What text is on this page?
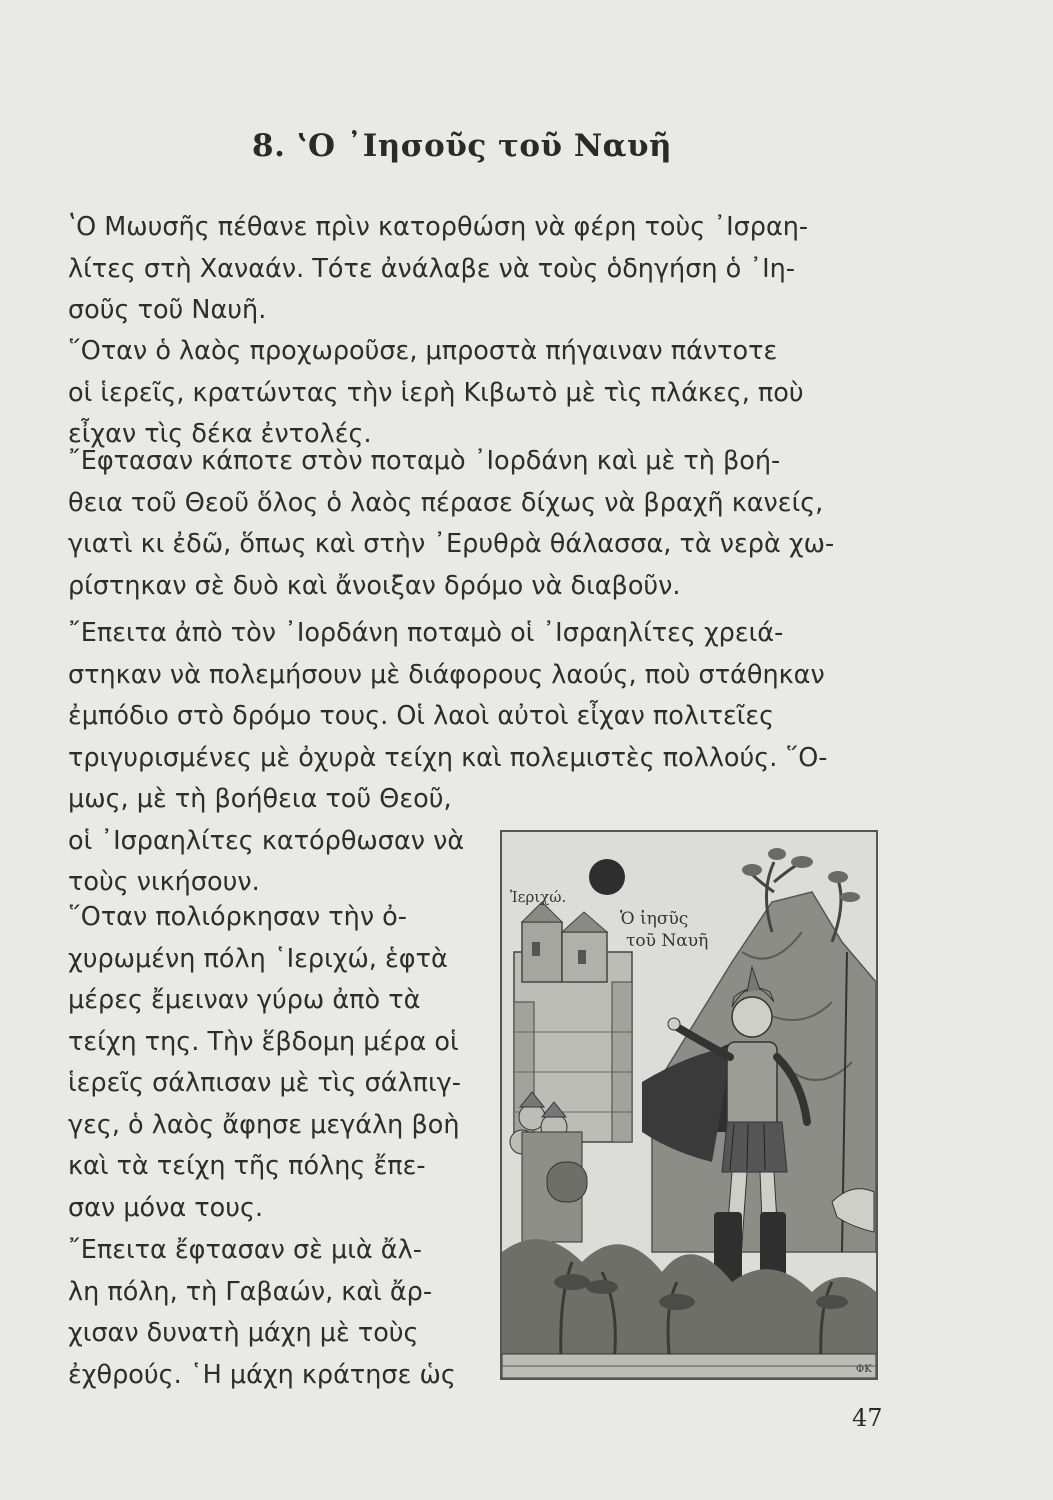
8. ʽΟ ᾿Ιησοῦς τοῦ Ναυῆ

ʽΟ Μωυσῆς πέθανε πρὶν κατορθώση νὰ φέρη τοὺς ᾿Ισραη-
λίτες στὴ Χαναάν. Τότε ἀνάλαβε νὰ τοὺς ὁδηγήση ὁ ᾿Ιη-
σοῦς τοῦ Ναυῆ.

῞Οταν ὁ λαὸς προχωροῦσε, μπροστὰ πήγαιναν πάντοτε
οἱ ἱερεῖς, κρατώντας τὴν ἱερὴ Κιβωτὸ μὲ τὶς πλάκες, ποὺ
εἶχαν τὶς δέκα ἐντολές.

῎Εφτασαν κάποτε στὸν ποταμὸ ᾿Ιορδάνη καὶ μὲ τὴ βοή-
θεια τοῦ Θεοῦ ὅλος ὁ λαὸς πέρασε δίχως νὰ βραχῆ κανείς,
γιατὶ κι ἐδῶ, ὅπως καὶ στὴν ᾿Ερυθρὰ θάλασσα, τὰ νερὰ χω-
ρίστηκαν σὲ δυὸ καὶ ἄνοιξαν δρόμο νὰ διαβοῦν.

῎Επειτα ἀπὸ τὸν ᾿Ιορδάνη ποταμὸ οἱ ᾿Ισραηλίτες χρειά-
στηκαν νὰ πολεμήσουν μὲ διάφορους λαούς, ποὺ στάθηκαν
ἐμπόδιο στὸ δρόμο τους. Οἱ λαοὶ αὐτοὶ εἶχαν πολιτεῖες
τριγυρισμένες μὲ ὀχυρὰ τείχη καὶ πολεμιστὲς πολλούς. ῞Ο-

μως, μὲ τὴ βοήθεια τοῦ Θεοῦ,
οἱ ᾿Ισραηλίτες κατόρθωσαν νὰ
τοὺς νικήσουν.

῞Οταν πολιόρκησαν τὴν ὀ-
χυρωμένη πόλη ῾Ιεριχώ, ἑφτὰ
μέρες ἔμειναν γύρω ἀπὸ τὰ
τείχη της. Τὴν ἕβδομη μέρα οἱ
ἱερεῖς σάλπισαν μὲ τὶς σάλπιγ-
γες, ὁ λαὸς ἄφησε μεγάλη βοὴ
καὶ τὰ τείχη τῆς πόλης ἔπε-
σαν μόνα τους.

῎Επειτα ἔφτασαν σὲ μιὰ ἄλ-
λη πόλη, τὴ Γαβαών, καὶ ἄρ-
χισαν δυνατὴ μάχη μὲ τοὺς
ἐχθρούς. ῾Η μάχη κράτησε ὡς

Ἱεριχώ.
Ὁ ἰησῦς
τοῦ Ναυῆ
ΦΚ
47
